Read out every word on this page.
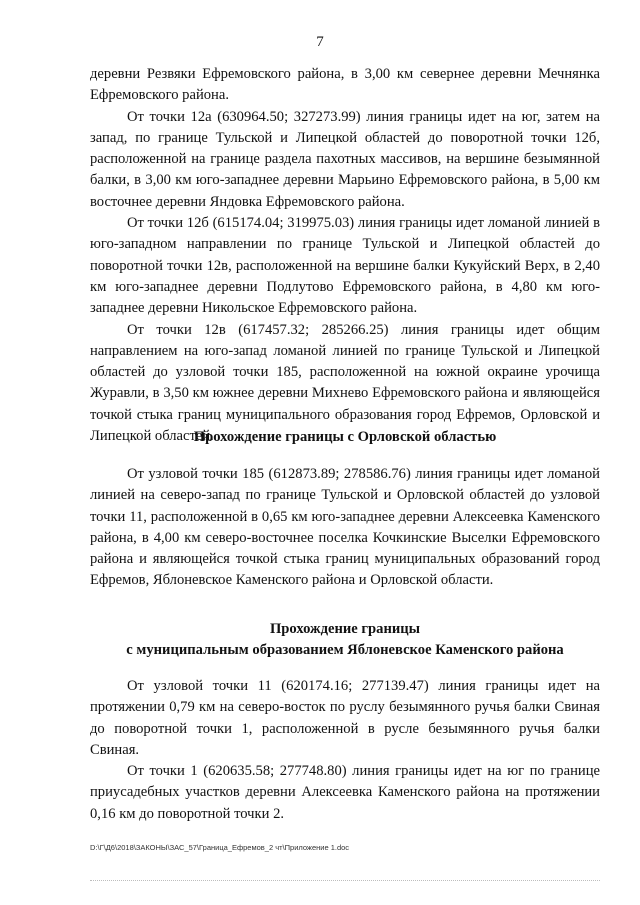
7

деревни Резвяки Ефремовского района, в 3,00 км севернее деревни Мечнянка Ефремовского района.

От точки 12а (630964.50; 327273.99) линия границы идет на юг, затем на запад, по границе Тульской и Липецкой областей до поворотной точки 12б, расположенной на границе раздела пахотных массивов, на вершине безымянной балки, в 3,00 км юго-западнее деревни Марьино Ефремовского района, в 5,00 км восточнее деревни Яндовка Ефремовского района.

От точки 12б (615174.04; 319975.03) линия границы идет ломаной линией в юго-западном направлении по границе Тульской и Липецкой областей до поворотной точки 12в, расположенной на вершине балки Кукуйский Верх, в 2,40 км юго-западнее деревни Подлутово Ефремовского района, в 4,80 км юго-западнее деревни Никольское Ефремовского района.

От точки 12в (617457.32; 285266.25) линия границы идет общим направлением на юго-запад ломаной линией по границе Тульской и Липецкой областей до узловой точки 185, расположенной на южной окраине урочища Журавли, в 3,50 км южнее деревни Михнево Ефремовского района и являющейся точкой стыка границ муниципального образования город Ефремов, Орловской и Липецкой областей.

Прохождение границы с Орловской областью

От узловой точки 185 (612873.89; 278586.76) линия границы идет ломаной линией на северо-запад по границе Тульской и Орловской областей до узловой точки 11, расположенной в 0,65 км юго-западнее деревни Алексеевка Каменского района, в 4,00 км северо-восточнее поселка Кочкинские Выселки Ефремовского района и являющейся точкой стыка границ муниципальных образований город Ефремов, Яблоневское Каменского района и Орловской области.

Прохождение границы

с муниципальным образованием Яблоневское Каменского района

От узловой точки 11 (620174.16; 277139.47) линия границы идет на протяжении 0,79 км на северо-восток по руслу безымянного ручья балки Свиная до поворотной точки 1, расположенной в русле безымянного ручья балки Свиная.

От точки 1 (620635.58; 277748.80) линия границы идет на юг по границе приусадебных участков деревни Алексеевка Каменского района на протяжении 0,16 км до поворотной точки 2.

D:\Г\Д6\2018\ЗАКОНЫ\ЗАС_57\Граница_Ефремов_2 чт\Приложение 1.doc
